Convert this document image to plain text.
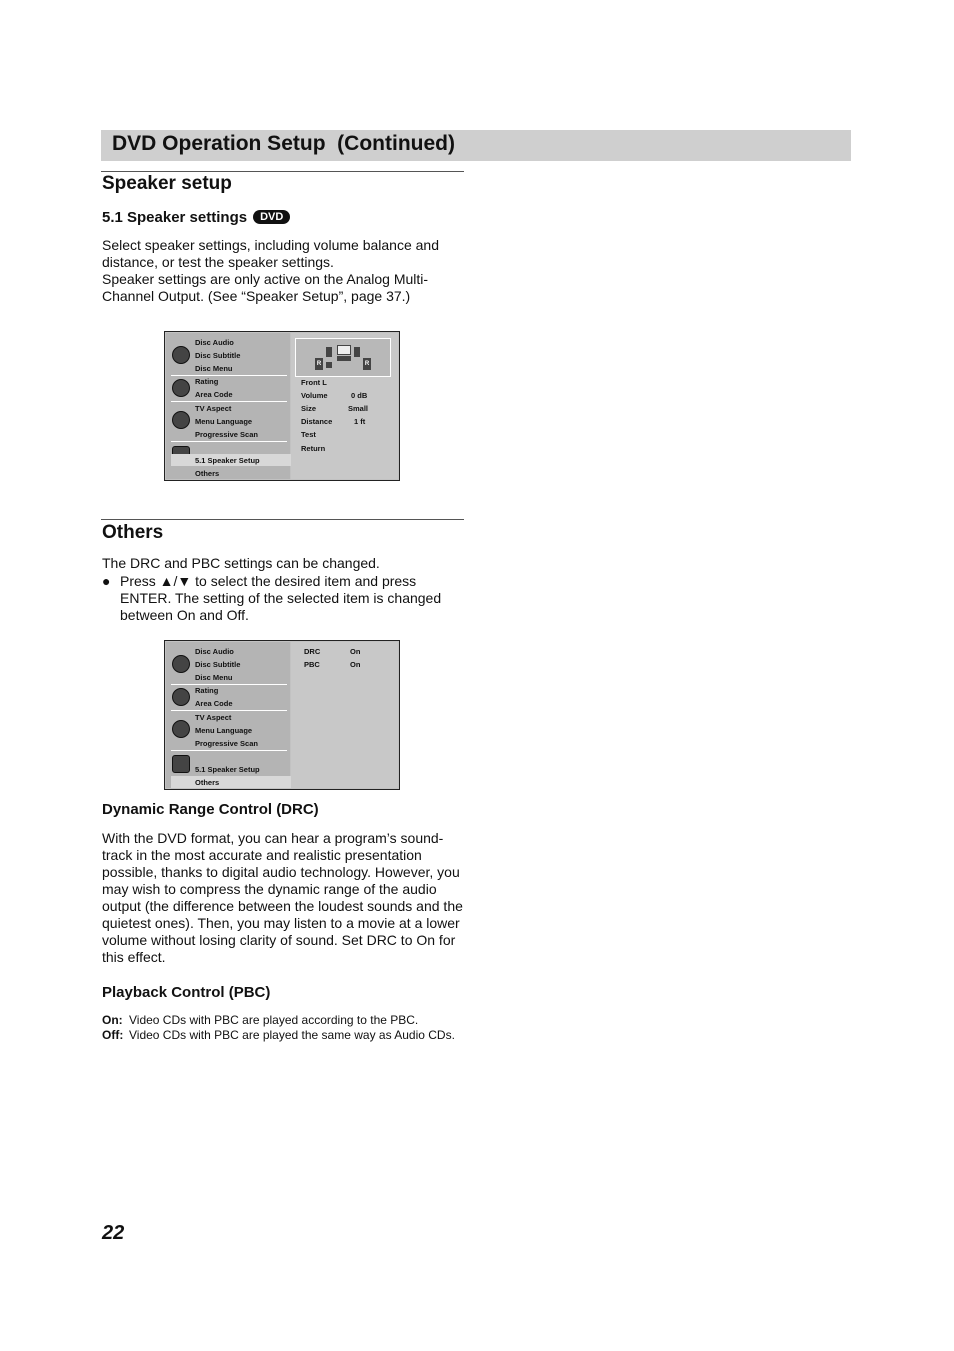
DVD Operation Setup  (Continued)
Speaker setup
5.1 Speaker settings DVD

Select speaker settings, including volume balance and distance, or test the speaker settings.

Speaker settings are only active on the Analog Multi-Channel Output. (See “Speaker Setup”, page 37.)

Disc Audio
Disc Subtitle
Disc Menu
Rating
Area Code
TV Aspect
Menu Language
Progressive Scan
5.1 Speaker Setup
Others
R	R
Front L
Volume	0 dB
Size	Small
Distance	1 ft
Test
Return
Others

The DRC and PBC settings can be changed.

● Press ▲/▼ to select the desired item and press ENTER. The setting of the selected item is changed between On and Off.
Disc Audio
Disc Subtitle
Disc Menu
Rating
Area Code
TV Aspect
Menu Language
Progressive Scan
5.1 Speaker Setup
Others
DRC	On
PBC	On
Dynamic Range Control (DRC)

With the DVD format, you can hear a program’s sound-track in the most accurate and realistic presentation possible, thanks to digital audio technology. However, you may wish to compress the dynamic range of the audio output (the difference between the loudest sounds and the quietest ones). Then, you may listen to a movie at a lower volume without losing clarity of sound. Set DRC to On for this effect.

Playback Control (PBC)
On: Video CDs with PBC are played according to the PBC.
Off: Video CDs with PBC are played the same way as Audio CDs.

22
